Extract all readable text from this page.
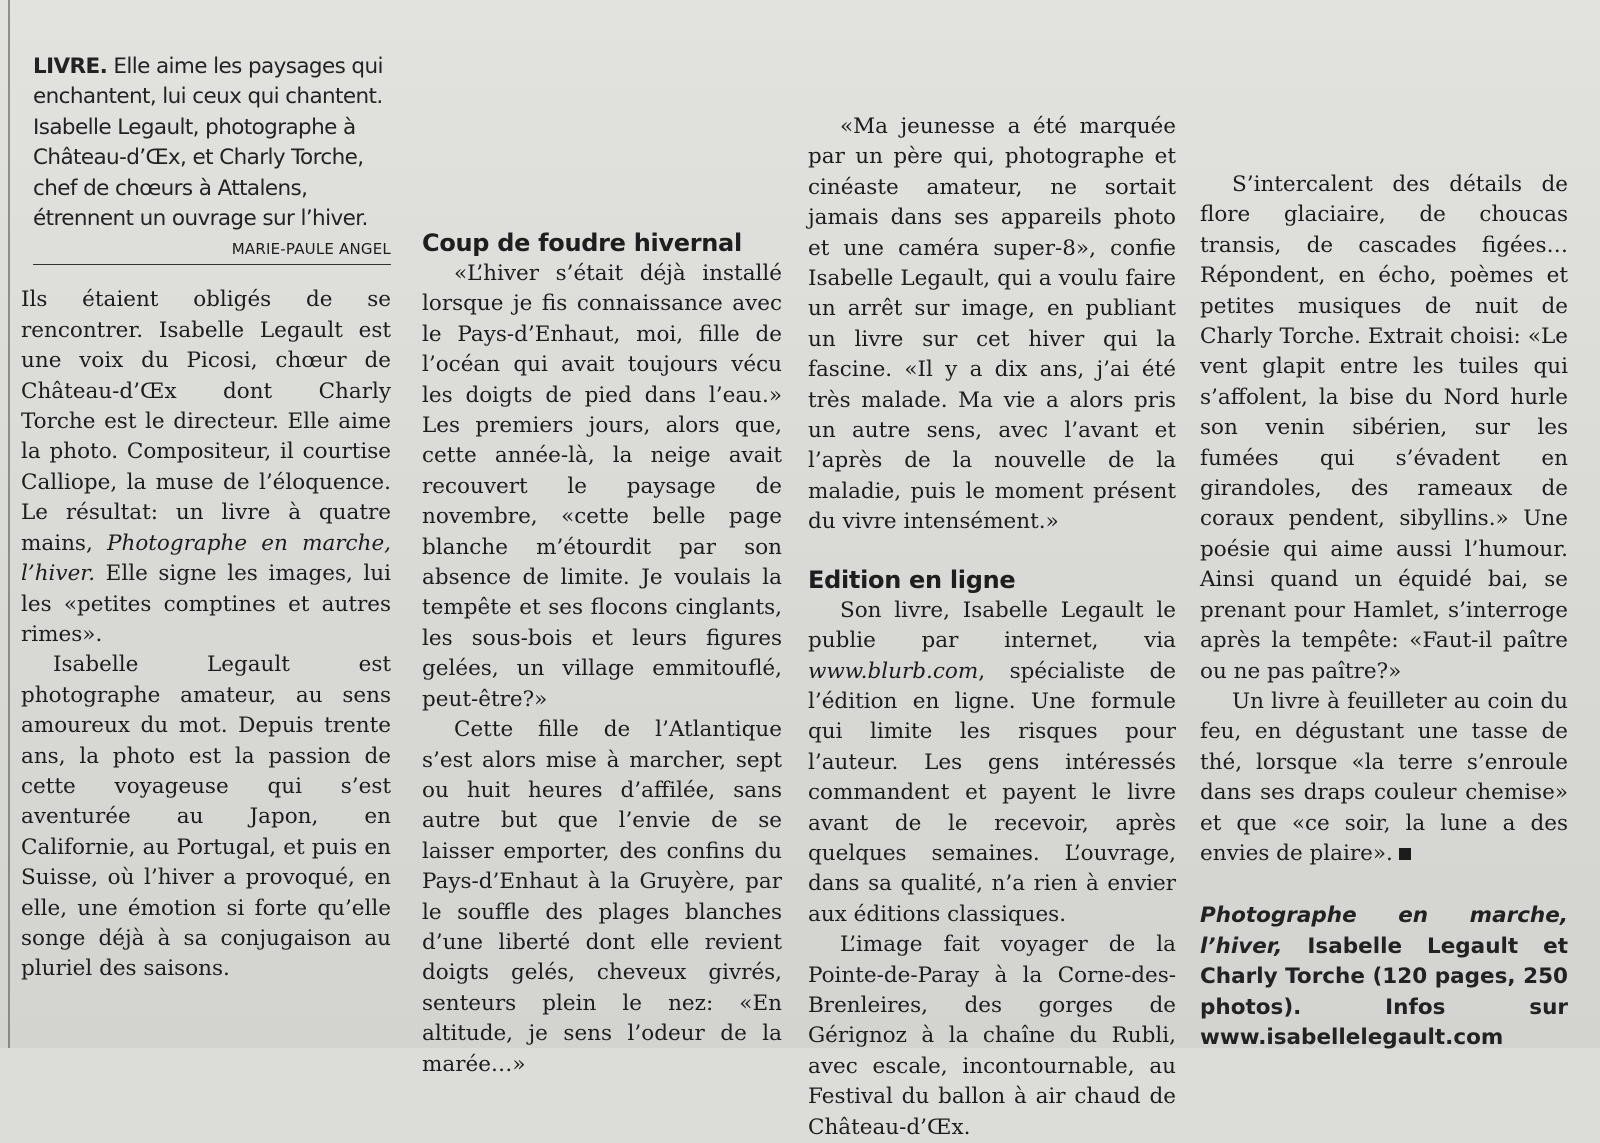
LIVRE. Elle aime les paysages qui enchantent, lui ceux qui chantent. Isabelle Legault, photographe à Château-d’Œx, et Charly Torche, chef de chœurs à Attalens, étrennent un ouvrage sur l’hiver.

MARIE-PAULE ANGEL

Ils étaient obligés de se rencontrer. Isabelle Legault est une voix du Picosi, chœur de Château-d’Œx dont Charly Torche est le directeur. Elle aime la photo. Compositeur, il courtise Calliope, la muse de l’éloquence. Le résultat: un livre à quatre mains, Photographe en marche, l’hiver. Elle signe les images, lui les «petites comptines et autres rimes».

Isabelle Legault est photographe amateur, au sens amoureux du mot. Depuis trente ans, la photo est la passion de cette voyageuse qui s’est aventurée au Japon, en Californie, au Portugal, et puis en Suisse, où l’hiver a provoqué, en elle, une émotion si forte qu’elle songe déjà à sa conjugaison au pluriel des saisons.

Coup de foudre hivernal

«L’hiver s’était déjà installé lorsque je fis connaissance avec le Pays-d’Enhaut, moi, fille de l’océan qui avait toujours vécu les doigts de pied dans l’eau.» Les premiers jours, alors que, cette année-là, la neige avait recouvert le paysage de novembre, «cette belle page blanche m’étourdit par son absence de limite. Je voulais la tempête et ses flocons cinglants, les sous-bois et leurs figures gelées, un village emmitouflé, peut-être?»

Cette fille de l’Atlantique s’est alors mise à marcher, sept ou huit heures d’affilée, sans autre but que l’envie de se laisser emporter, des confins du Pays-d’Enhaut à la Gruyère, par le souffle des plages blanches d’une liberté dont elle revient doigts gelés, cheveux givrés, senteurs plein le nez: «En altitude, je sens l’odeur de la marée…»

«Ma jeunesse a été marquée par un père qui, photographe et cinéaste amateur, ne sortait jamais dans ses appareils photo et une caméra super-8», confie Isabelle Legault, qui a voulu faire un arrêt sur image, en publiant un livre sur cet hiver qui la fascine. «Il y a dix ans, j’ai été très malade. Ma vie a alors pris un autre sens, avec l’avant et l’après de la nouvelle de la maladie, puis le moment présent du vivre intensément.»

Edition en ligne

Son livre, Isabelle Legault le publie par internet, via www.blurb.com, spécialiste de l’édition en ligne. Une formule qui limite les risques pour l’auteur. Les gens intéressés commandent et payent le livre avant de le recevoir, après quelques semaines. L’ouvrage, dans sa qualité, n’a rien à envier aux éditions classiques.

L’image fait voyager de la Pointe-de-Paray à la Corne-des-Brenleires, des gorges de Gérignoz à la chaîne du Rubli, avec escale, incontournable, au Festival du ballon à air chaud de Château-d’Œx.

S’intercalent des détails de flore glaciaire, de choucas transis, de cascades figées… Répondent, en écho, poèmes et petites musiques de nuit de Charly Torche. Extrait choisi: «Le vent glapit entre les tuiles qui s’affolent, la bise du Nord hurle son venin sibérien, sur les fumées qui s’évadent en girandoles, des rameaux de coraux pendent, sibyllins.» Une poésie qui aime aussi l’humour. Ainsi quand un équidé bai, se prenant pour Hamlet, s’interroge après la tempête: «Faut-il paître ou ne pas paître?»

Un livre à feuilleter au coin du feu, en dégustant une tasse de thé, lorsque «la terre s’enroule dans ses draps couleur chemise» et que «ce soir, la lune a des envies de plaire».

Photographe en marche, l’hiver, Isabelle Legault et Charly Torche (120 pages, 250 photos). Infos sur www.isabellelegault.com
